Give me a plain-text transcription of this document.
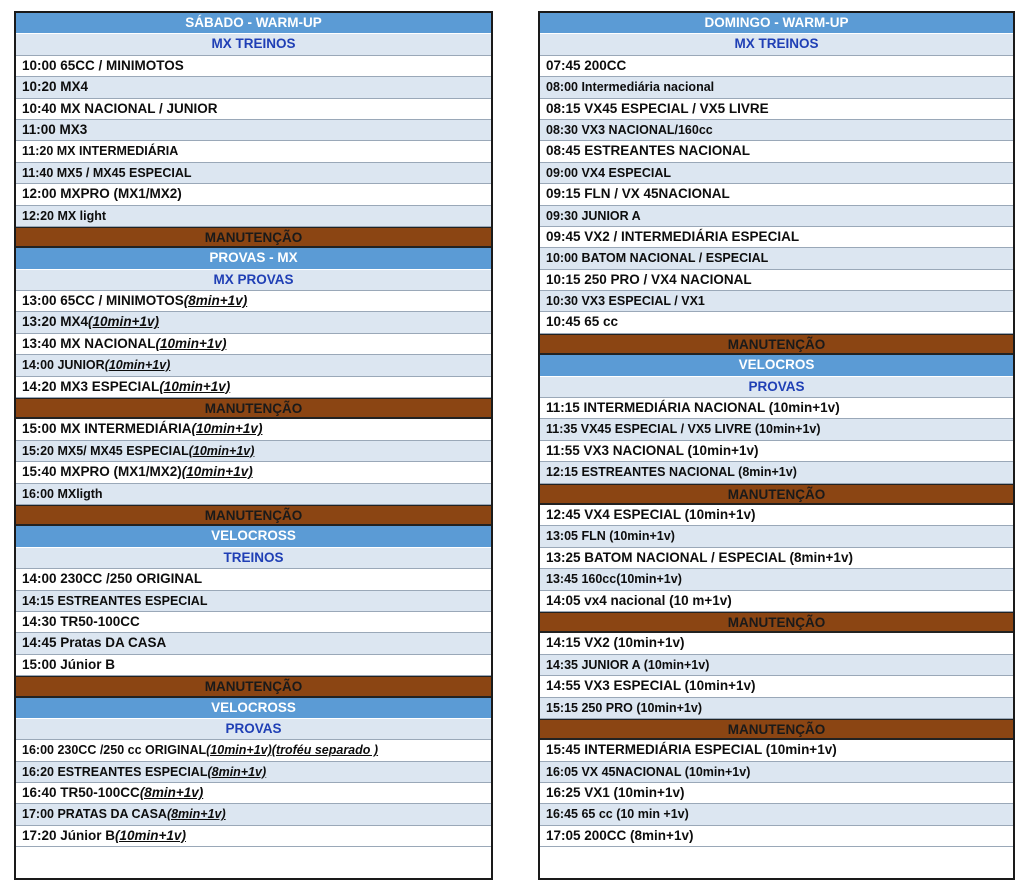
SÁBADO - WARM-UP
MX TREINOS
10:00 65CC / MINIMOTOS
10:20 MX4
10:40 MX NACIONAL / JUNIOR
11:00 MX3
11:20 MX INTERMEDIÁRIA
11:40 MX5 / MX45 ESPECIAL
12:00 MXPRO (MX1/MX2)
12:20 MX light
MANUTENÇÃO
PROVAS - MX
MX PROVAS
13:00 65CC / MINIMOTOS(8min+1v)
13:20 MX4(10min+1v)
13:40 MX NACIONAL(10min+1v)
14:00 JUNIOR(10min+1v)
14:20 MX3 ESPECIAL(10min+1v)
MANUTENÇÃO
15:00 MX INTERMEDIÁRIA(10min+1v)
15:20 MX5/ MX45 ESPECIAL(10min+1v)
15:40 MXPRO (MX1/MX2)(10min+1v)
16:00 MXligth
MANUTENÇÃO
VELOCROSS
TREINOS
14:00 230CC /250 ORIGINAL
14:15 ESTREANTES ESPECIAL
14:30 TR50-100CC
14:45 Pratas DA CASA
15:00 Júnior B
MANUTENÇÃO
VELOCROSS
PROVAS
16:00 230CC /250 cc ORIGINAL(10min+1v)(troféu separado )
16:20 ESTREANTES ESPECIAL(8min+1v)
16:40 TR50-100CC(8min+1v)
17:00 PRATAS DA CASA(8min+1v)
17:20 Júnior B(10min+1v)
DOMINGO - WARM-UP
MX TREINOS
07:45 200CC
08:00 Intermediária nacional
08:15 VX45 ESPECIAL / VX5 LIVRE
08:30 VX3 NACIONAL/160cc
08:45 ESTREANTES NACIONAL
09:00 VX4 ESPECIAL
09:15 FLN / VX 45NACIONAL
09:30 JUNIOR A
09:45 VX2 / INTERMEDIÁRIA ESPECIAL
10:00 BATOM NACIONAL / ESPECIAL
10:15 250 PRO / VX4 NACIONAL
10:30 VX3 ESPECIAL / VX1
10:45 65 cc
MANUTENÇÃO
VELOCROS
PROVAS
11:15 INTERMEDIÁRIA NACIONAL (10min+1v)
11:35 VX45 ESPECIAL / VX5 LIVRE (10min+1v)
11:55 VX3 NACIONAL (10min+1v)
12:15 ESTREANTES NACIONAL (8min+1v)
MANUTENÇÃO
12:45 VX4 ESPECIAL (10min+1v)
13:05 FLN (10min+1v)
13:25 BATOM NACIONAL / ESPECIAL (8min+1v)
13:45 160cc(10min+1v)
14:05 vx4 nacional (10 m+1v)
MANUTENÇÃO
14:15 VX2 (10min+1v)
14:35 JUNIOR A (10min+1v)
14:55 VX3 ESPECIAL (10min+1v)
15:15 250 PRO (10min+1v)
MANUTENÇÃO
15:45 INTERMEDIÁRIA ESPECIAL (10min+1v)
16:05 VX 45NACIONAL (10min+1v)
16:25 VX1 (10min+1v)
16:45 65 cc (10 min +1v)
17:05 200CC (8min+1v)
